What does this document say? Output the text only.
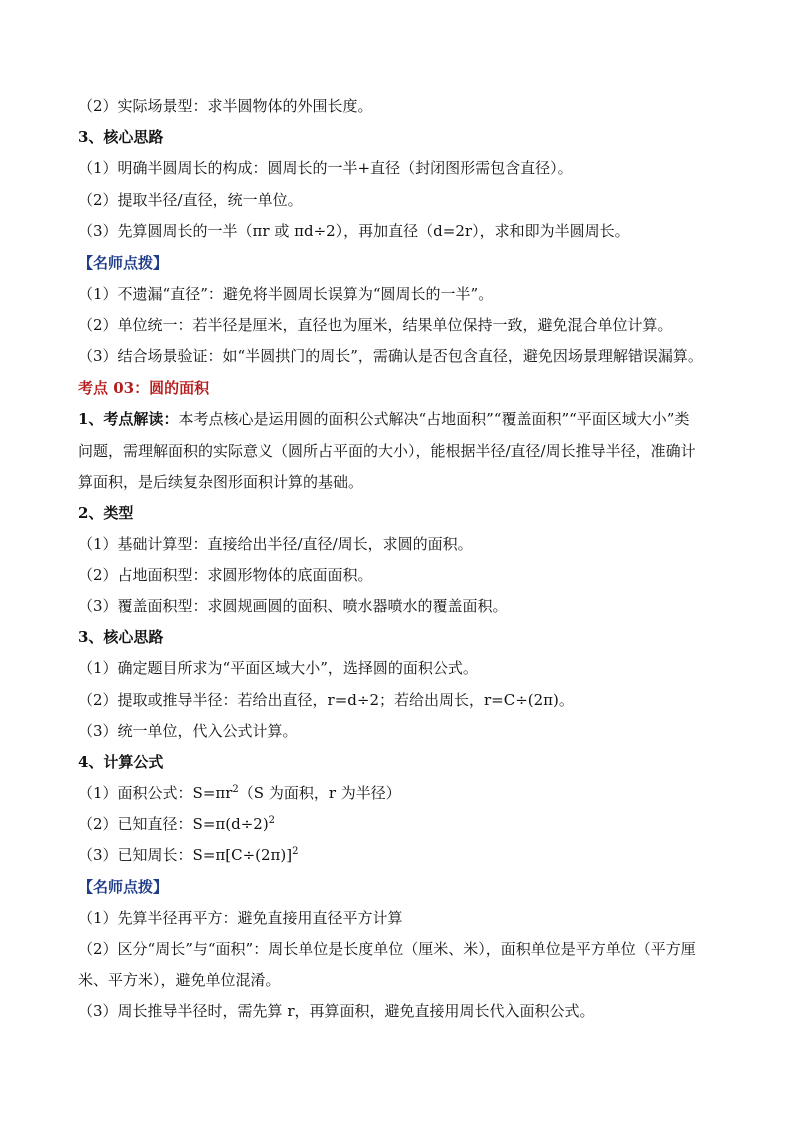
（2）实际场景型：求半圆物体的外围长度。
3、核心思路
（1）明确半圆周长的构成：圆周长的一半+直径（封闭图形需包含直径）。
（2）提取半径/直径，统一单位。
（3）先算圆周长的一半（πr 或 πd÷2），再加直径（d=2r），求和即为半圆周长。
【名师点拨】
（1）不遗漏“直径”：避免将半圆周长误算为“圆周长的一半”。
（2）单位统一：若半径是厘米，直径也为厘米，结果单位保持一致，避免混合单位计算。
（3）结合场景验证：如“半圆拱门的周长”，需确认是否包含直径，避免因场景理解错误漏算。
考点 03：圆的面积
1、考点解读：本考点核心是运用圆的面积公式解决“占地面积”“覆盖面积”“平面区域大小”类
问题，需理解面积的实际意义（圆所占平面的大小），能根据半径/直径/周长推导半径，准确计
算面积，是后续复杂图形面积计算的基础。
2、类型
（1）基础计算型：直接给出半径/直径/周长，求圆的面积。
（2）占地面积型：求圆形物体的底面面积。
（3）覆盖面积型：求圆规画圆的面积、喷水器喷水的覆盖面积。
3、核心思路
（1）确定题目所求为“平面区域大小”，选择圆的面积公式。
（2）提取或推导半径：若给出直径，r=d÷2；若给出周长，r=C÷(2π)。
（3）统一单位，代入公式计算。
4、计算公式
（1）面积公式：$S=\pi r^2(S$ 为面积，r 为半径）
（2）已知直径：$S=\pi(d\div 2)^2$
（3）已知周长：$S=\pi[C\div(2\pi)]^2$
【名师点拨】
（1）先算半径再平方：避免直接用直径平方计算
（2）区分“周长”与“面积”：周长单位是长度单位（厘米、米），面积单位是平方单位（平方厘
米、平方米），避免单位混淆。
（3）周长推导半径时，需先算 r，再算面积，避免直接用周长代入面积公式。
